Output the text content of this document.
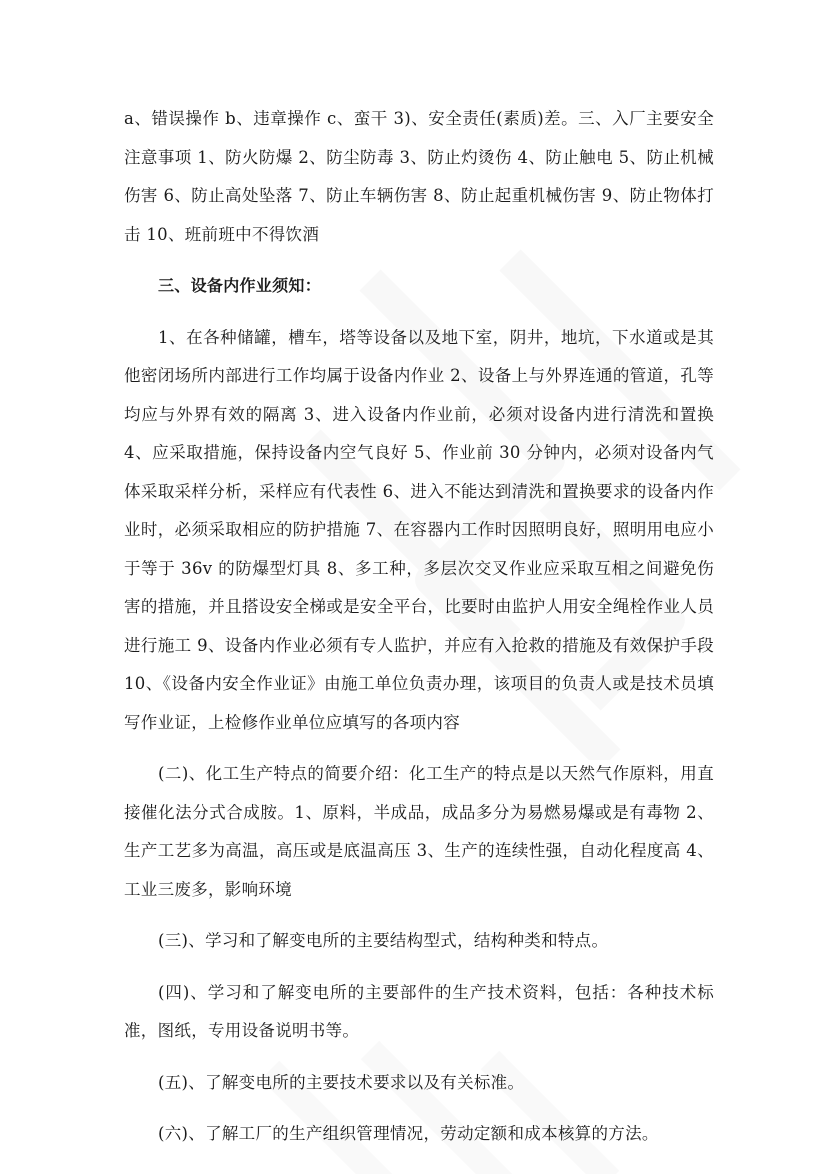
a、错误操作 b、违章操作 c、蛮干 3)、安全责任(素质)差。三、入厂主要安全注意事项 1、防火防爆 2、防尘防毒 3、防止灼烫伤 4、防止触电 5、防止机械伤害 6、防止高处坠落 7、防止车辆伤害 8、防止起重机械伤害 9、防止物体打击 10、班前班中不得饮酒

三、设备内作业须知：

1、在各种储罐，槽车，塔等设备以及地下室，阴井，地坑，下水道或是其他密闭场所内部进行工作均属于设备内作业 2、设备上与外界连通的管道，孔等均应与外界有效的隔离 3、进入设备内作业前，必须对设备内进行清洗和置换 4、应采取措施，保持设备内空气良好 5、作业前 30 分钟内，必须对设备内气体采取采样分析，采样应有代表性 6、进入不能达到清洗和置换要求的设备内作业时，必须采取相应的防护措施 7、在容器内工作时因照明良好，照明用电应小于等于 36v 的防爆型灯具 8、多工种，多层次交叉作业应采取互相之间避免伤害的措施，并且搭设安全梯或是安全平台，比要时由监护人用安全绳栓作业人员进行施工 9、设备内作业必须有专人监护，并应有入抢救的措施及有效保护手段 10、《设备内安全作业证》由施工单位负责办理，该项目的负责人或是技术员填写作业证，上检修作业单位应填写的各项内容

(二)、化工生产特点的简要介绍：化工生产的特点是以天然气作原料，用直接催化法分式合成胺。1、原料，半成品，成品多分为易燃易爆或是有毒物 2、生产工艺多为高温，高压或是底温高压 3、生产的连续性强，自动化程度高 4、工业三废多，影响环境

(三)、学习和了解变电所的主要结构型式，结构种类和特点。

(四)、学习和了解变电所的主要部件的生产技术资料，包括：各种技术标准，图纸，专用设备说明书等。

(五)、了解变电所的主要技术要求以及有关标准。

(六)、了解工厂的生产组织管理情况，劳动定额和成本核算的方法。
